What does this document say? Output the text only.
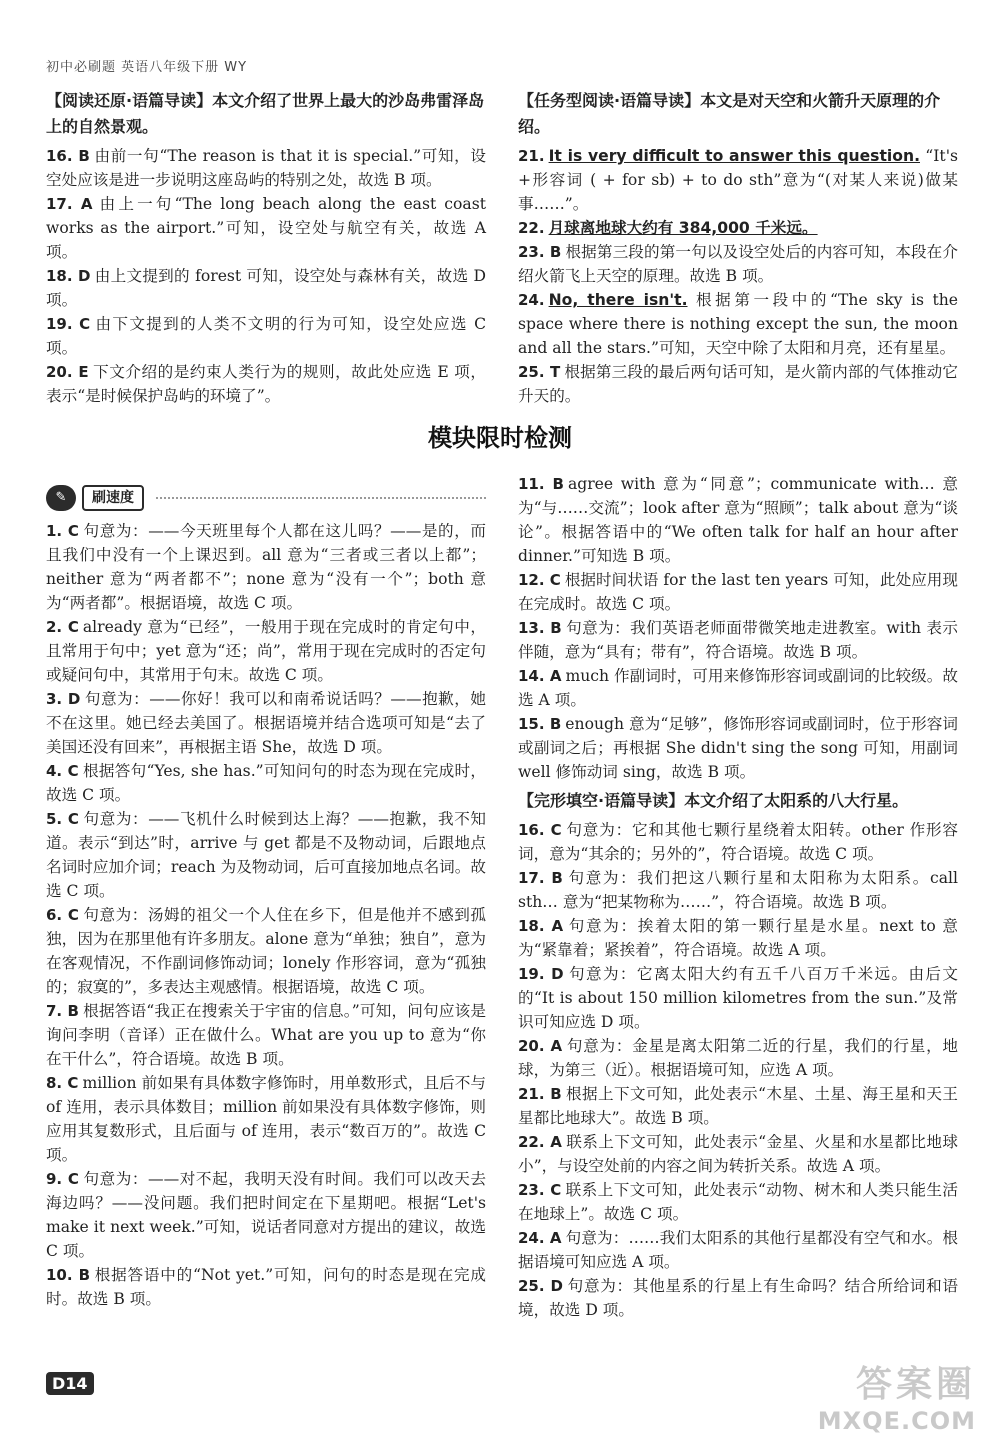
初中必刷题 英语八年级下册 WY
【阅读还原·语篇导读】本文介绍了世界上最大的沙岛弗雷泽岛上的自然景观。
16. B 由前一句“The reason is that it is special.”可知，设空处应该是进一步说明这座岛屿的特别之处，故选 B 项。
17. A 由上一句“The long beach along the east coast works as the airport.”可知，设空处与航空有关，故选 A 项。
18. D 由上文提到的 forest 可知，设空处与森林有关，故选 D 项。
19. C 由下文提到的人类不文明的行为可知，设空处应选 C 项。
20. E 下文介绍的是约束人类行为的规则，故此处应选 E 项，表示“是时候保护岛屿的环境了”。
【任务型阅读·语篇导读】本文是对天空和火箭升天原理的介绍。
21. It is very difficult to answer this question. “It's +形容词 ( + for sb) + to do sth”意为“(对某人来说)做某事……”。
22. 月球离地球大约有 384,000 千米远。
23. B 根据第三段的第一句以及设空处后的内容可知，本段在介绍火箭飞上天空的原理。故选 B 项。
24. No, there isn't. 根据第一段中的“The sky is the space where there is nothing except the sun, the moon and all the stars.”可知，天空中除了太阳和月亮，还有星星。
25. T 根据第三段的最后两句话可知，是火箭内部的气体推动它升天的。
模块限时检测
✎	刷速度
1. C 句意为：——今天班里每个人都在这儿吗？——是的，而且我们中没有一个上课迟到。all 意为“三者或三者以上都”；neither 意为“两者都不”；none 意为“没有一个”；both 意为“两者都”。根据语境，故选 C 项。
2. C already 意为“已经”，一般用于现在完成时的肯定句中，且常用于句中；yet 意为“还；尚”，常用于现在完成时的否定句或疑问句中，其常用于句末。故选 C 项。
3. D 句意为：——你好！我可以和南希说话吗？——抱歉，她不在这里。她已经去美国了。根据语境并结合选项可知是“去了美国还没有回来”，再根据主语 She，故选 D 项。
4. C 根据答句“Yes, she has.”可知问句的时态为现在完成时，故选 C 项。
5. C 句意为：——飞机什么时候到达上海？——抱歉，我不知道。表示“到达”时，arrive 与 get 都是不及物动词，后跟地点名词时应加介词；reach 为及物动词，后可直接加地点名词。故选 C 项。
6. C 句意为：汤姆的祖父一个人住在乡下，但是他并不感到孤独，因为在那里他有许多朋友。alone 意为“单独；独自”，意为在客观情况，不作副词修饰动词；lonely 作形容词，意为“孤独的；寂寞的”，多表达主观感情。根据语境，故选 C 项。
7. B 根据答语“我正在搜索关于宇宙的信息。”可知，问句应该是询问李明（音译）正在做什么。What are you up to 意为“你在干什么”，符合语境。故选 B 项。
8. C million 前如果有具体数字修饰时，用单数形式，且后不与 of 连用，表示具体数目；million 前如果没有具体数字修饰，则应用其复数形式，且后面与 of 连用，表示“数百万的”。故选 C 项。
9. C 句意为：——对不起，我明天没有时间。我们可以改天去海边吗？——没问题。我们把时间定在下星期吧。根据“Let's make it next week.”可知，说话者同意对方提出的建议，故选 C 项。
10. B 根据答语中的“Not yet.”可知，问句的时态是现在完成时。故选 B 项。
11. B agree with 意为“同意”；communicate with… 意为“与……交流”；look after 意为“照顾”；talk about 意为“谈论”。根据答语中的“We often talk for half an hour after dinner.”可知选 B 项。
12. C 根据时间状语 for the last ten years 可知，此处应用现在完成时。故选 C 项。
13. B 句意为：我们英语老师面带微笑地走进教室。with 表示伴随，意为“具有；带有”，符合语境。故选 B 项。
14. A much 作副词时，可用来修饰形容词或副词的比较级。故选 A 项。
15. B enough 意为“足够”，修饰形容词或副词时，位于形容词或副词之后；再根据 She didn't sing the song 可知，用副词 well 修饰动词 sing，故选 B 项。
【完形填空·语篇导读】本文介绍了太阳系的八大行星。
16. C 句意为：它和其他七颗行星绕着太阳转。other 作形容词，意为“其余的；另外的”，符合语境。故选 C 项。
17. B 句意为：我们把这八颗行星和太阳称为太阳系。call sth… 意为“把某物称为……”，符合语境。故选 B 项。
18. A 句意为：挨着太阳的第一颗行星是水星。next to 意为“紧靠着；紧挨着”，符合语境。故选 A 项。
19. D 句意为：它离太阳大约有五千八百万千米远。由后文的“It is about 150 million kilometres from the sun.”及常识可知应选 D 项。
20. A 句意为：金星是离太阳第二近的行星，我们的行星，地球，为第三（近）。根据语境可知，应选 A 项。
21. B 根据上下文可知，此处表示“木星、土星、海王星和天王星都比地球大”。故选 B 项。
22. A 联系上下文可知，此处表示“金星、火星和水星都比地球小”，与设空处前的内容之间为转折关系。故选 A 项。
23. C 联系上下文可知，此处表示“动物、树木和人类只能生活在地球上”。故选 C 项。
24. A 句意为：……我们太阳系的其他行星都没有空气和水。根据语境可知应选 A 项。
25. D 句意为：其他星系的行星上有生命吗？结合所给词和语境，故选 D 项。
D14	答案圈
MXQE.COM
